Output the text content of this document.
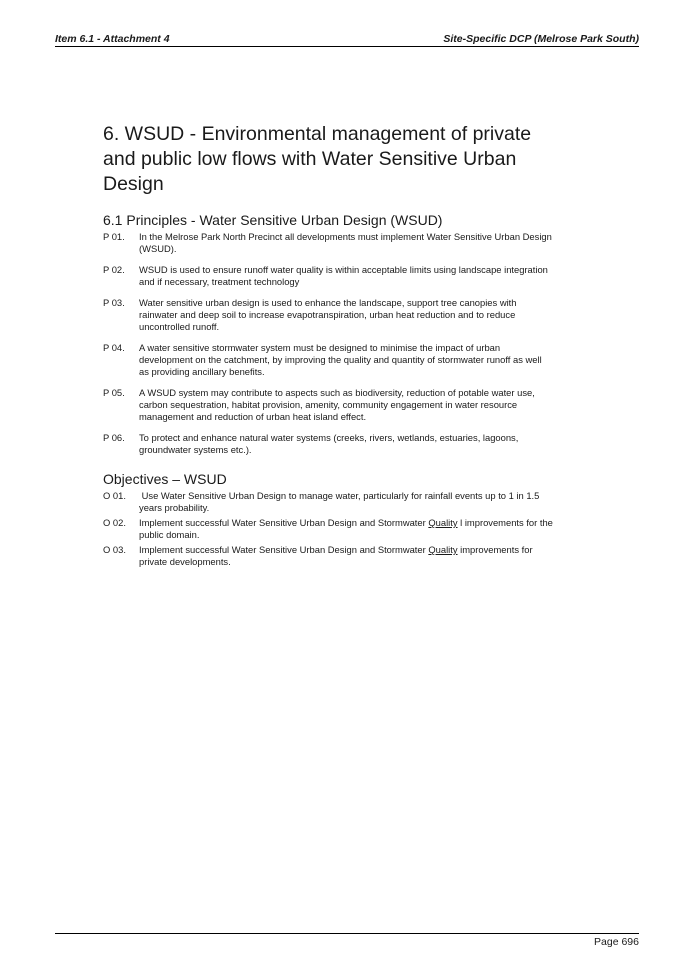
Item 6.1 - Attachment 4	Site-Specific DCP (Melrose Park South)
6. WSUD - Environmental management of private and public low flows with Water Sensitive Urban Design
6.1 Principles - Water Sensitive Urban Design (WSUD)
P 01.	In the Melrose Park North Precinct all developments must implement Water Sensitive Urban Design (WSUD).
P 02.	WSUD is used to ensure runoff water quality is within acceptable limits using landscape integration and if necessary, treatment technology
P 03.	Water sensitive urban design is used to enhance the landscape, support tree canopies with rainwater and deep soil to increase evapotranspiration, urban heat reduction and to reduce uncontrolled runoff.
P 04.	A water sensitive stormwater system must be designed to minimise the impact of urban development on the catchment, by improving the quality and quantity of stormwater runoff as well as providing ancillary benefits.
P 05.	A WSUD system may contribute to aspects such as biodiversity, reduction of potable water use, carbon sequestration, habitat provision, amenity, community engagement in water resource management and reduction of urban heat island effect.
P 06.	To protect and enhance natural water systems (creeks, rivers, wetlands, estuaries, lagoons, groundwater systems etc.).
Objectives – WSUD
O 01.	Use Water Sensitive Urban Design to manage water, particularly for rainfall events up to 1 in 1.5 years probability.
O 02.	Implement successful Water Sensitive Urban Design and Stormwater Quality l improvements for the public domain.
O 03.	Implement successful Water Sensitive Urban Design and Stormwater Quality improvements for private developments.
Page 696
